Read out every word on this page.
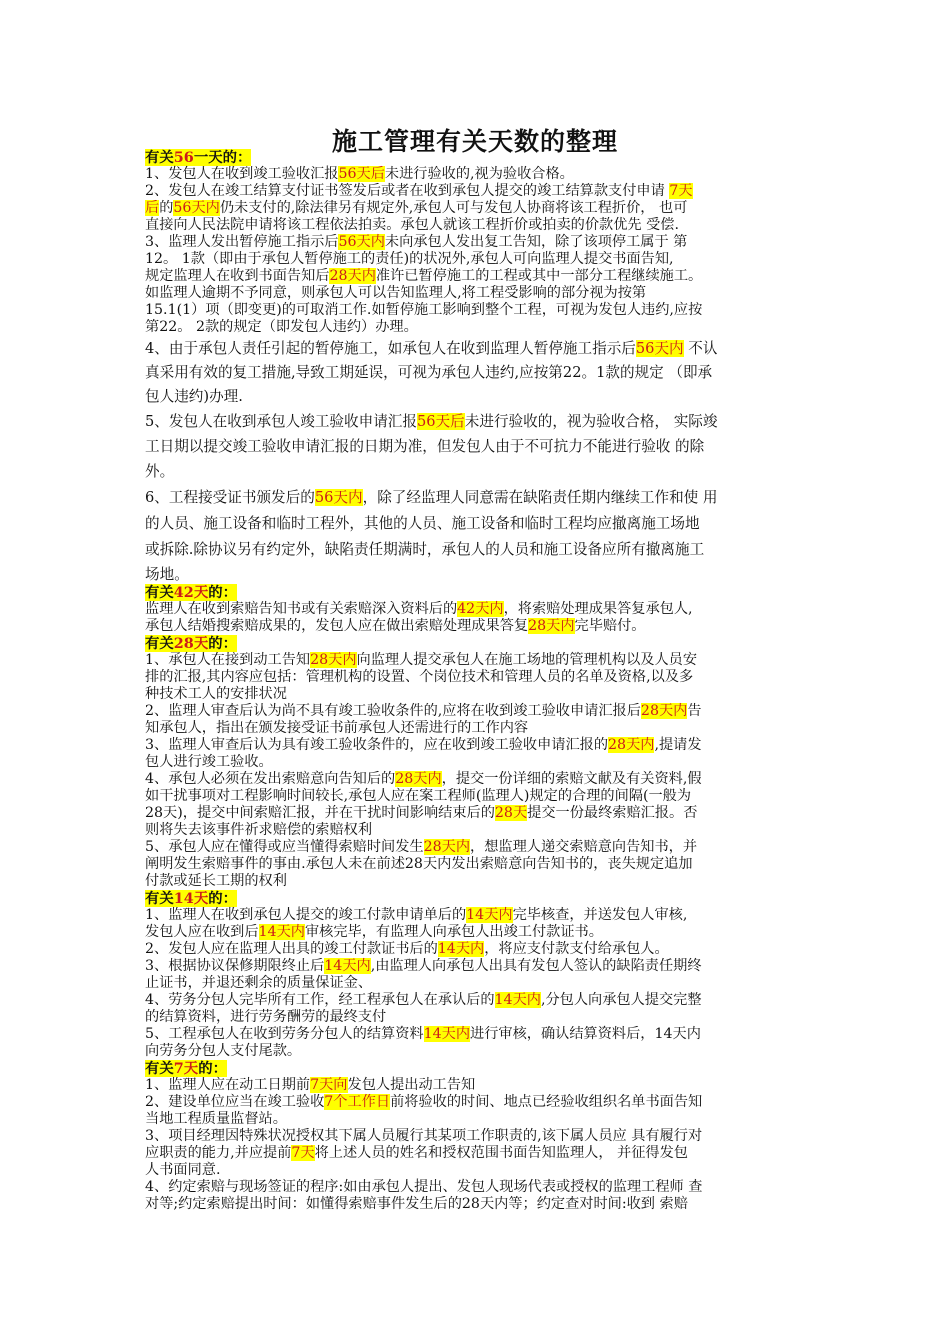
施工管理有关天数的整理
有关56一天的：
1、发包人在收到竣工验收汇报56天后未进行验收的,视为验收合格。
2、发包人在竣工结算支付证书签发后或者在收到承包人提交的竣工结算款支付申请 7天
后的56天内仍未支付的,除法律另有规定外,承包人可与发包人协商将该工程折价， 也可
直接向人民法院申请将该工程依法拍卖。承包人就该工程折价或拍卖的价款优先 受偿.
3、监理人发出暂停施工指示后56天内未向承包人发出复工告知，除了该项停工属于 第
12。 1款（即由于承包人暂停施工的责任)的状况外,承包人可向监理人提交书面告知,
规定监理人在收到书面告知后28天内准许已暂停施工的工程或其中一部分工程继续施工。
如监理人逾期不予同意，则承包人可以告知监理人,将工程受影响的部分视为按第
15.1(1）项（即变更)的可取消工作.如暂停施工影响到整个工程，可视为发包人违约,应按
第22。 2款的规定（即发包人违约）办理。
4、由于承包人责任引起的暂停施工，如承包人在收到监理人暂停施工指示后56天内 不认
真采用有效的复工措施,导致工期延误，可视为承包人违约,应按第22。1款的规定 （即承
包人违约)办理.
5、发包人在收到承包人竣工验收申请汇报56天后未进行验收的，视为验收合格， 实际竣
工日期以提交竣工验收申请汇报的日期为准，但发包人由于不可抗力不能进行验收 的除
外。
6、工程接受证书颁发后的56天内，除了经监理人同意需在缺陷责任期内继续工作和使 用
的人员、施工设备和临时工程外，其他的人员、施工设备和临时工程均应撤离施工场地
或拆除.除协议另有约定外，缺陷责任期满时，承包人的人员和施工设备应所有撤离施工
场地。
有关42天的：
监理人在收到索赔告知书或有关索赔深入资料后的42天内，将索赔处理成果答复承包人,
承包人结婚搜索赔成果的，发包人应在做出索赔处理成果答复28天内完毕赔付。
有关28天的：
1、承包人在接到动工告知28天内向监理人提交承包人在施工场地的管理机构以及人员安
排的汇报,其内容应包括：管理机构的设置、个岗位技术和管理人员的名单及资格,以及多
种技术工人的安排状况
2、监理人审查后认为尚不具有竣工验收条件的,应将在收到竣工验收申请汇报后28天内告
知承包人，指出在颁发接受证书前承包人还需进行的工作内容
3、监理人审查后认为具有竣工验收条件的，应在收到竣工验收申请汇报的28天内,提请发
包人进行竣工验收。
4、承包人必须在发出索赔意向告知后的28天内，提交一份详细的索赔文献及有关资料,假
如干扰事项对工程影响时间较长,承包人应在案工程师(监理人)规定的合理的间隔(一般为
28天)，提交中间索赔汇报，并在干扰时间影响结束后的28天提交一份最终索赔汇报。否
则将失去该事件祈求赔偿的索赔权利
5、承包人应在懂得或应当懂得索赔时间发生28天内，想监理人递交索赔意向告知书，并
阐明发生索赔事件的事由.承包人未在前述28天内发出索赔意向告知书的，丧失规定追加
付款或延长工期的权利
有关14天的：
1、监理人在收到承包人提交的竣工付款申请单后的14天内完毕核查，并送发包人审核,
发包人应在收到后14天内审核完毕，有监理人向承包人出竣工付款证书。
2、发包人应在监理人出具的竣工付款证书后的14天内，将应支付款支付给承包人。
3、根据协议保修期限终止后14天内,由监理人向承包人出具有发包人签认的缺陷责任期终
止证书，并退还剩余的质量保证金、
4、劳务分包人完毕所有工作，经工程承包人在承认后的14天内,分包人向承包人提交完整
的结算资料，进行劳务酬劳的最终支付
5、工程承包人在收到劳务分包人的结算资料14天内进行审核，确认结算资料后，14天内
向劳务分包人支付尾款。
有关7天的：
1、监理人应在动工日期前7天向发包人提出动工告知
2、建设单位应当在竣工验收7个工作日前将验收的时间、地点已经验收组织名单书面告知
当地工程质量监督站。
3、项目经理因特殊状况授权其下属人员履行其某项工作职责的,该下属人员应 具有履行对
应职责的能力,并应提前7天将上述人员的姓名和授权范围书面告知监理人， 并征得发包
人书面同意.
4、约定索赔与现场签证的程序:如由承包人提出、发包人现场代表或授权的监理工程师 查
对等;约定索赔提出时间：如懂得索赔事件发生后的28天内等；约定查对时间:收到 索赔
